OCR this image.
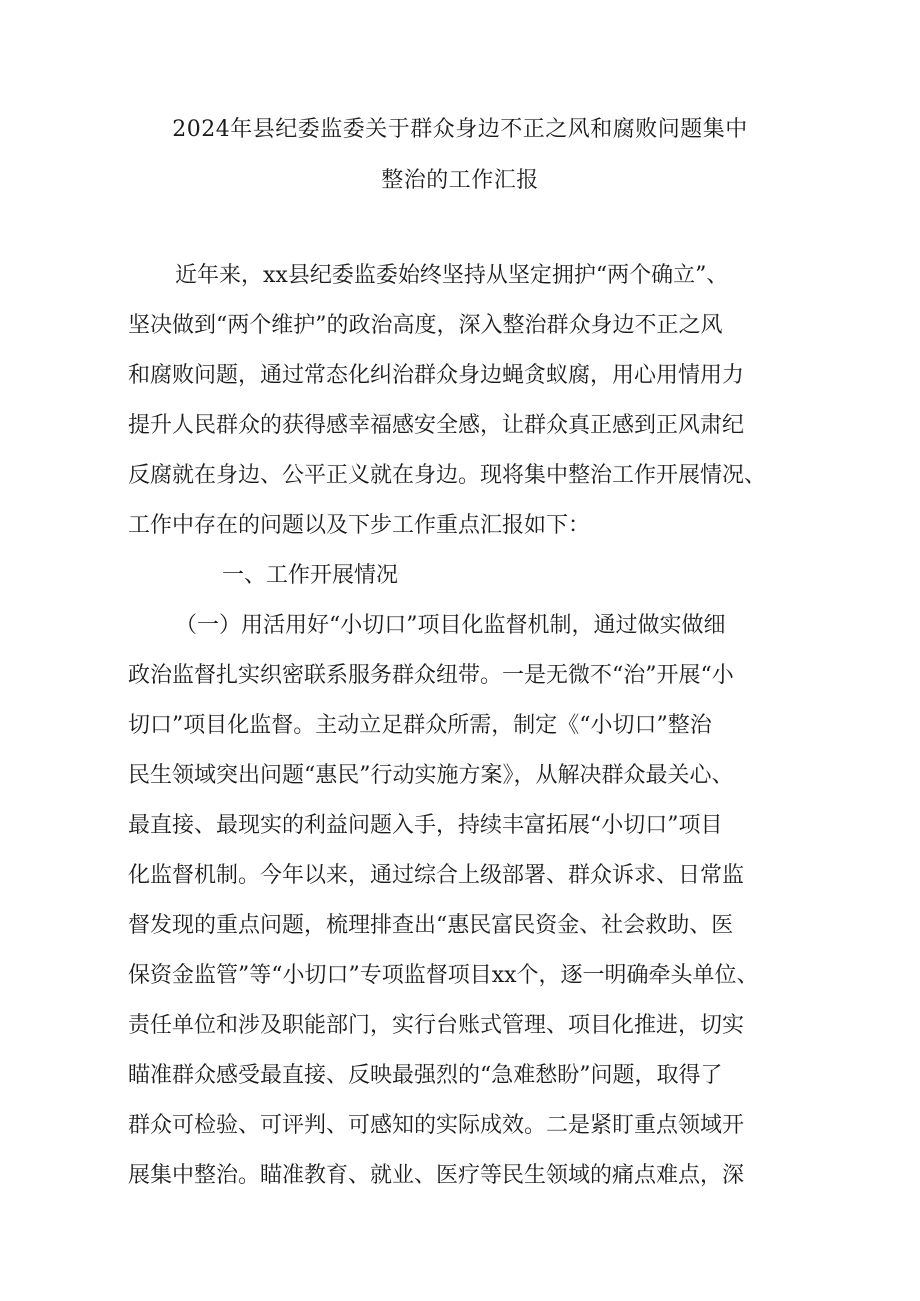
2024年县纪委监委关于群众身边不正之风和腐败问题集中
整治的工作汇报
近年来，xx县纪委监委始终坚持从坚定拥护“两个确立”、
坚决做到“两个维护”的政治高度，深入整治群众身边不正之风
和腐败问题，通过常态化纠治群众身边蝇贪蚁腐，用心用情用力
提升人民群众的获得感幸福感安全感，让群众真正感到正风肃纪
反腐就在身边、公平正义就在身边。现将集中整治工作开展情况、
工作中存在的问题以及下步工作重点汇报如下：
一、工作开展情况
（一）用活用好“小切口”项目化监督机制，通过做实做细
政治监督扎实织密联系服务群众纽带。一是无微不“治”开展“小
切口”项目化监督。主动立足群众所需，制定《“小切口”整治
民生领域突出问题“惠民”行动实施方案》，从解决群众最关心、
最直接、最现实的利益问题入手，持续丰富拓展“小切口”项目
化监督机制。今年以来，通过综合上级部署、群众诉求、日常监
督发现的重点问题，梳理排查出“惠民富民资金、社会救助、医
保资金监管”等“小切口”专项监督项目xx个，逐一明确牵头单位、
责任单位和涉及职能部门，实行台账式管理、项目化推进，切实
瞄准群众感受最直接、反映最强烈的“急难愁盼”问题，取得了
群众可检验、可评判、可感知的实际成效。二是紧盯重点领域开
展集中整治。瞄准教育、就业、医疗等民生领域的痛点难点，深
